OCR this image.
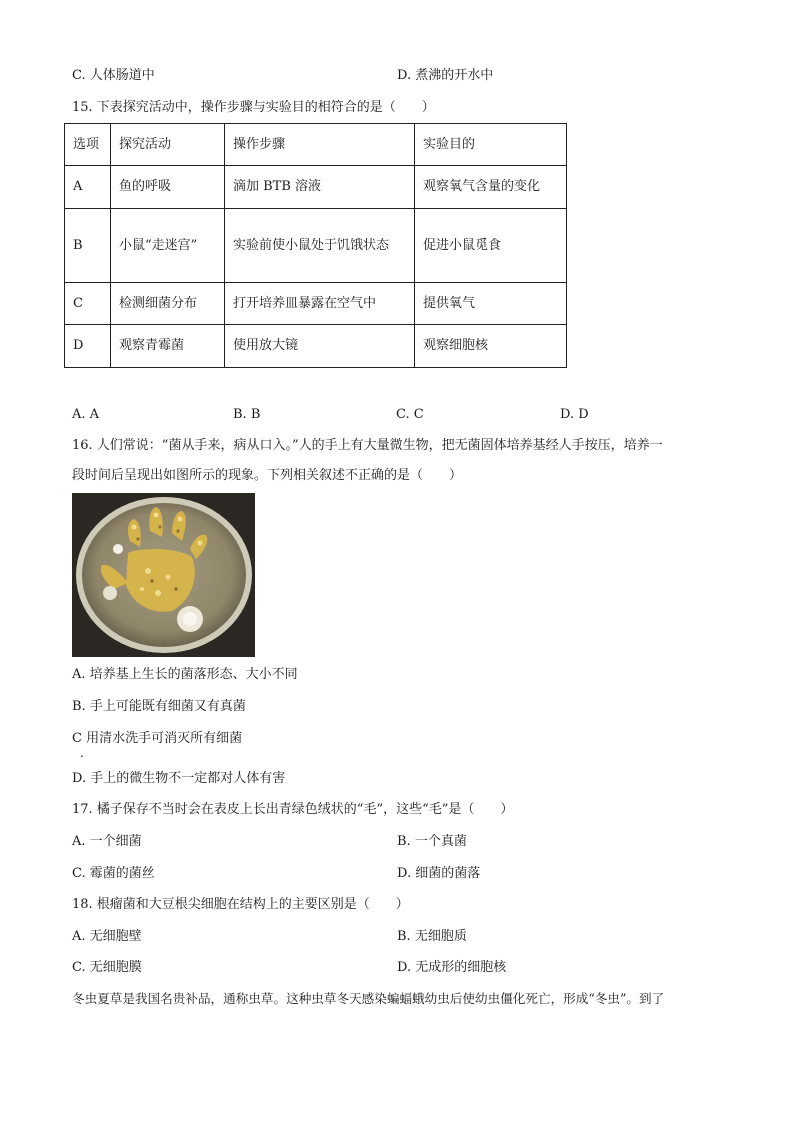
C. 人体肠道中	D. 煮沸的开水中
15. 下表探究活动中，操作步骤与实验目的相符合的是（　　）
选项	探究活动	操作步骤	实验目的
A	鱼的呼吸	滴加 BTB 溶液	观察氧气含量的变化
B	小鼠“走迷宫”	实验前使小鼠处于饥饿状态	促进小鼠觅食
C	检测细菌分布	打开培养皿暴露在空气中	提供氧气
D	观察青霉菌	使用放大镜	观察细胞核
A. A	B. B	C. C	D. D
16. 人们常说：“菌从手来，病从口入。”人的手上有大量微生物，把无菌固体培养基经人手按压，培养一
段时间后呈现出如图所示的现象。下列相关叙述不正确的是（　　）
A. 培养基上生长的菌落形态、大小不同
B. 手上可能既有细菌又有真菌
C 用清水洗手可消灭所有细菌
.
D. 手上的微生物不一定都对人体有害
17. 橘子保存不当时会在表皮上长出青绿色绒状的“毛”，这些“毛”是（　　）
A. 一个细菌	B. 一个真菌
C. 霉菌的菌丝	D. 细菌的菌落
18. 根瘤菌和大豆根尖细胞在结构上的主要区别是（　　）
A. 无细胞壁	B. 无细胞质
C. 无细胞膜	D. 无成形的细胞核
冬虫夏草是我国名贵补品，通称虫草。这种虫草冬天感染蝙蝠蛾幼虫后使幼虫僵化死亡，形成“冬虫”。到了
